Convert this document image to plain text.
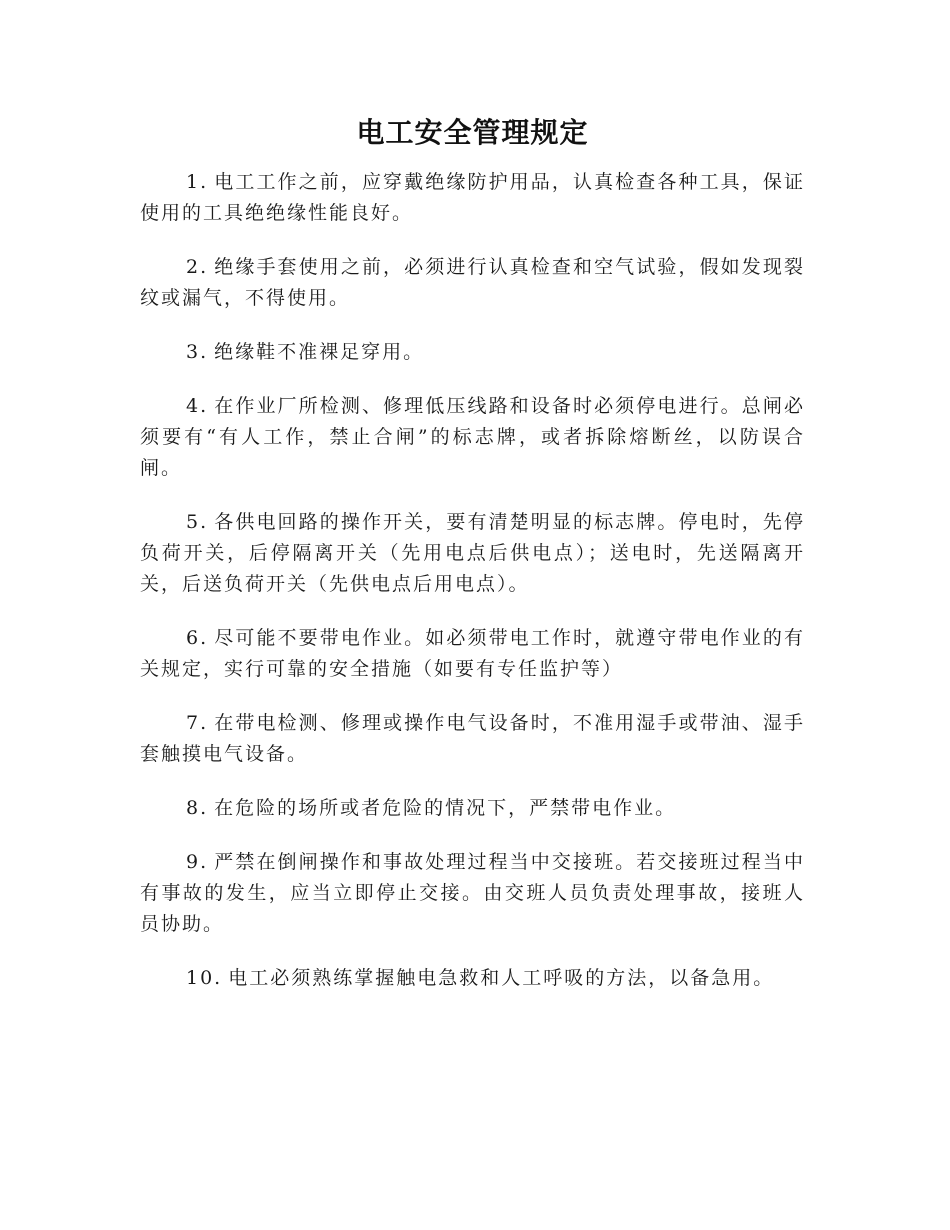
电工安全管理规定

1. 电工工作之前，应穿戴绝缘防护用品，认真检查各种工具，保证使用的工具绝绝缘性能良好。

2. 绝缘手套使用之前，必须进行认真检查和空气试验，假如发现裂纹或漏气，不得使用。

3. 绝缘鞋不准裸足穿用。

4. 在作业厂所检测、修理低压线路和设备时必须停电进行。总闸必须要有“有人工作，禁止合闸”的标志牌，或者拆除熔断丝，以防误合闸。

5. 各供电回路的操作开关，要有清楚明显的标志牌。停电时，先停负荷开关，后停隔离开关（先用电点后供电点）；送电时，先送隔离开关，后送负荷开关（先供电点后用电点）。

6. 尽可能不要带电作业。如必须带电工作时，就遵守带电作业的有关规定，实行可靠的安全措施（如要有专任监护等）

7. 在带电检测、修理或操作电气设备时，不准用湿手或带油、湿手套触摸电气设备。

8. 在危险的场所或者危险的情况下，严禁带电作业。

9. 严禁在倒闸操作和事故处理过程当中交接班。若交接班过程当中有事故的发生，应当立即停止交接。由交班人员负责处理事故，接班人员协助。

10. 电工必须熟练掌握触电急救和人工呼吸的方法，以备急用。
